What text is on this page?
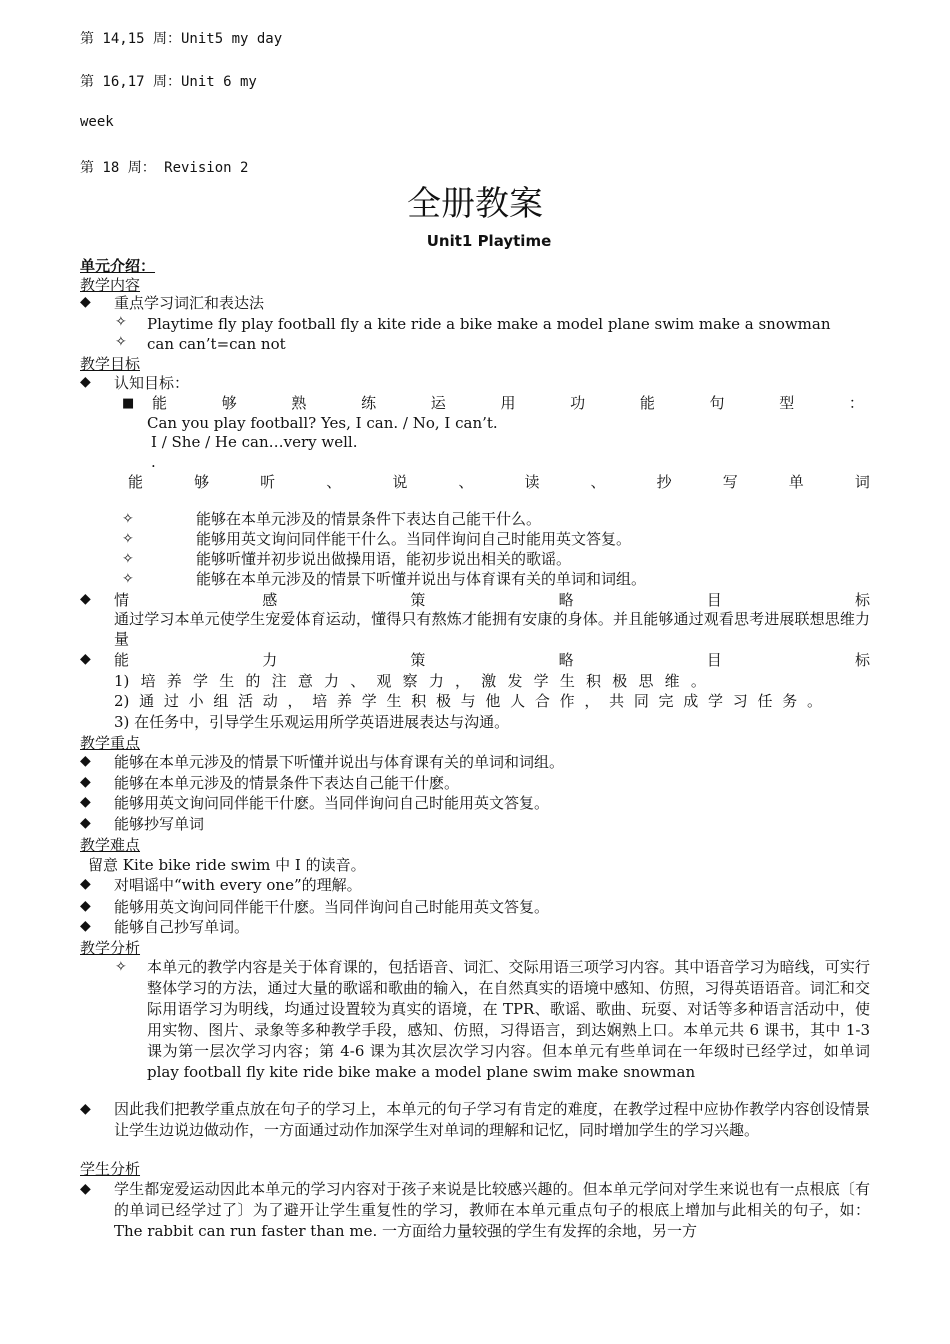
第 14,15 周：Unit5 my day
第 16,17 周：Unit 6 my
week
第 18 周： Revision 2
全册教案
Unit1 Playtime
单元介绍：
教学内容
◆ 重点学习词汇和表达法
✧ Playtime fly play football fly a kite ride a bike make a model plane swim make a snowman
✧ can can’t=can not
教学目标
◆ 认知目标：
■ 能	够	熟	练	运	用	功	能	句	型	：
Can you play football? Yes, I can. / No, I can’t.
I / She / He can…very well.
.
能	够	听	、	说	、	读	、	抄	写	单	词
✧	能够在本单元涉及的情景条件下表达自己能干什么。
✧	能够用英文询问同伴能干什么。当同伴询问自己时能用英文答复。
✧	能够听懂并初步说出做操用语，能初步说出相关的歌谣。
✧	能够在本单元涉及的情景下听懂并说出与体育课有关的单词和词组。
◆ 情	感	策	略	目	标
通过学习本单元使学生宠爱体育运动，懂得只有熬炼才能拥有安康的身体。并且能够通过观看思考进展联想思维力量
◆ 能	力	策	略	目	标
1) 培 养 学 生 的 注 意 力 、 观 察 力 ， 激 发 学 生 积 极 思 维 。
2) 通 过 小 组 活 动 ， 培 养 学 生 积 极 与 他 人 合 作 ， 共 同 完 成 学 习 任 务 。
3) 在任务中，引导学生乐观运用所学英语进展表达与沟通。
教学重点
◆ 能够在本单元涉及的情景下听懂并说出与体育课有关的单词和词组。
◆ 能够在本单元涉及的情景条件下表达自己能干什麽。
◆ 能够用英文询问同伴能干什麽。当同伴询问自己时能用英文答复。
◆ 能够抄写单词
教学难点
留意 Kite bike ride swim 中 I 的读音。
◆ 对唱谣中“with every one”的理解。
◆ 能够用英文询问同伴能干什麽。当同伴询问自己时能用英文答复。
◆ 能够自己抄写单词。
教学分析
✧ 本单元的教学内容是关于体育课的，包括语音、词汇、交际用语三项学习内容。其中语音学习为暗线，可实行整体学习的方法，通过大量的歌谣和歌曲的输入，在自然真实的语境中感知、仿照，习得英语语音。词汇和交际用语学习为明线，均通过设置较为真实的语境，在 TPR、歌谣、歌曲、玩耍、对话等多种语言活动中，使用实物、图片、录象等多种教学手段，感知、仿照，习得语言，到达娴熟上口。本单元共 6 课书，其中 1-3 课为第一层次学习内容；第 4-6 课为其次层次学习内容。但本单元有些单词在一年级时已经学过，如单词 play football fly kite ride bike make a model plane swim make snowman
◆ 因此我们把教学重点放在句子的学习上，本单元的句子学习有肯定的难度，在教学过程中应协作教学内容创设情景让学生边说边做动作，一方面通过动作加深学生对单词的理解和记忆，同时增加学生的学习兴趣。
学生分析
◆ 学生都宠爱运动因此本单元的学习内容对于孩子来说是比较感兴趣的。但本单元学问对学生来说也有一点根底〔有的单词已经学过了〕为了避开让学生重复性的学习，教师在本单元重点句子的根底上增加与此相关的句子，如：The rabbit can run faster than me. 一方面给力量较强的学生有发挥的余地，另一方
